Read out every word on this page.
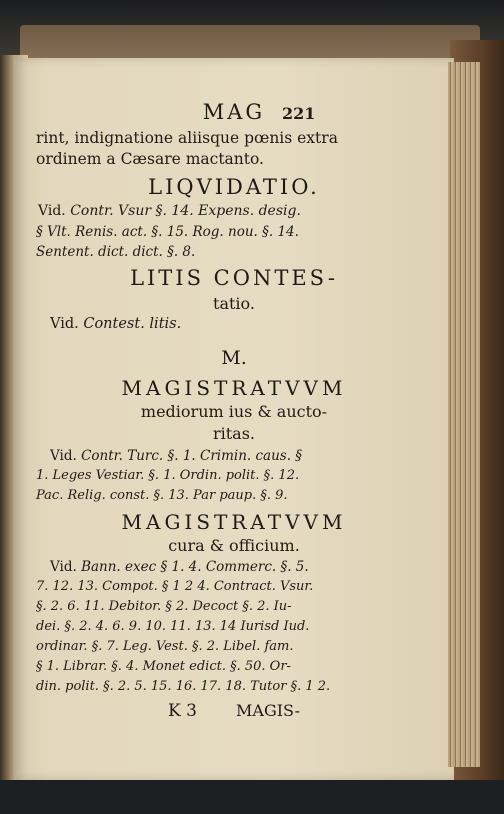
MAG	221
rint, indignatione aliisque pœnis extra
ordinem a Cæsare mactanto.
LIQVIDATIO.
Vid. Contr. Vsur §. 14. Expens. desig.
§ Vlt. Renis. act. §. 15. Rog. nou. §. 14.
Sentent. dict. dict. §. 8.
LITIS CONTES-
tatio.
Vid. Contest. litis.
M.
MAGISTRATVVM
mediorum ius & aucto-
ritas.
Vid. Contr. Turc. §. 1. Crimin. caus. §
1. Leges Vestiar. §. 1. Ordin. polit. §. 12.
Pac. Relig. const. §. 13. Par paup. §. 9.
MAGISTRATVVM
cura & officium.
Vid. Bann. exec § 1. 4. Commerc. §. 5.
7. 12. 13. Compot. § 1 2 4. Contract. Vsur.
§. 2. 6. 11. Debitor. § 2. Decoct §. 2. Iu-
dei. §. 2. 4. 6. 9. 10. 11. 13. 14 Iurisd Iud.
ordinar. §. 7. Leg. Vest. §. 2. Libel. fam.
§ 1. Librar. §. 4. Monet edict. §. 50. Or-
din. polit. §. 2. 5. 15. 16. 17. 18. Tutor §. 1 2.
K 3 MAGIS-
